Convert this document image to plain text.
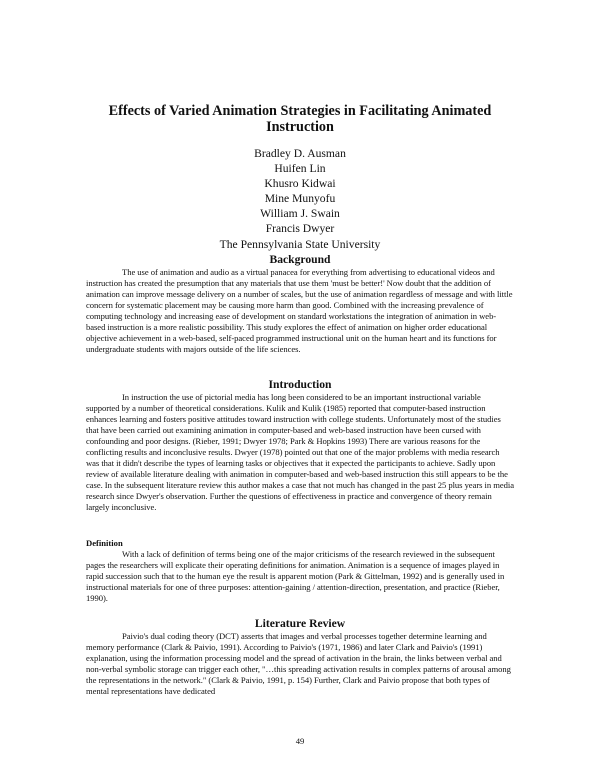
Effects of Varied Animation Strategies in Facilitating Animated Instruction
Bradley D. Ausman
Huifen Lin
Khusro Kidwai
Mine Munyofu
William J. Swain
Francis Dwyer
The Pennsylvania State University
Background

The use of animation and audio as a virtual panacea for everything from advertising to educational videos and instruction has created the presumption that any materials that use them 'must be better!' Now doubt that the addition of animation can improve message delivery on a number of scales, but the use of animation regardless of message and with little concern for systematic placement may be causing more harm than good. Combined with the increasing prevalence of computing technology and increasing ease of development on standard workstations the integration of animation in web-based instruction is a more realistic possibility. This study explores the effect of animation on higher order educational objective achievement in a web-based, self-paced programmed instructional unit on the human heart and its functions for undergraduate students with majors outside of the life sciences.

Introduction

In instruction the use of pictorial media has long been considered to be an important instructional variable supported by a number of theoretical considerations. Kulik and Kulik (1985) reported that computer-based instruction enhances learning and fosters positive attitudes toward instruction with college students. Unfortunately most of the studies that have been carried out examining animation in computer-based and web-based instruction have been cursed with confounding and poor designs. (Rieber, 1991; Dwyer 1978; Park & Hopkins 1993) There are various reasons for the conflicting results and inconclusive results. Dwyer (1978) pointed out that one of the major problems with media research was that it didn't describe the types of learning tasks or objectives that it expected the participants to achieve. Sadly upon review of available literature dealing with animation in computer-based and web-based instruction this still appears to be the case. In the subsequent literature review this author makes a case that not much has changed in the past 25 plus years in media research since Dwyer's observation. Further the questions of effectiveness in practice and convergence of theory remain largely inconclusive.

Definition

With a lack of definition of terms being one of the major criticisms of the research reviewed in the subsequent pages the researchers will explicate their operating definitions for animation. Animation is a sequence of images played in rapid succession such that to the human eye the result is apparent motion (Park & Gittelman, 1992) and is generally used in instructional materials for one of three purposes: attention-gaining / attention-direction, presentation, and practice (Rieber, 1990).

Literature Review

Paivio's dual coding theory (DCT) asserts that images and verbal processes together determine learning and memory performance (Clark & Paivio, 1991). According to Paivio's (1971, 1986) and later Clark and Paivio's (1991) explanation, using the information processing model and the spread of activation in the brain, the links between verbal and non-verbal symbolic storage can trigger each other, "…this spreading activation results in complex patterns of arousal among the representations in the network." (Clark & Paivio, 1991, p. 154) Further, Clark and Paivio propose that both types of mental representations have dedicated

49
